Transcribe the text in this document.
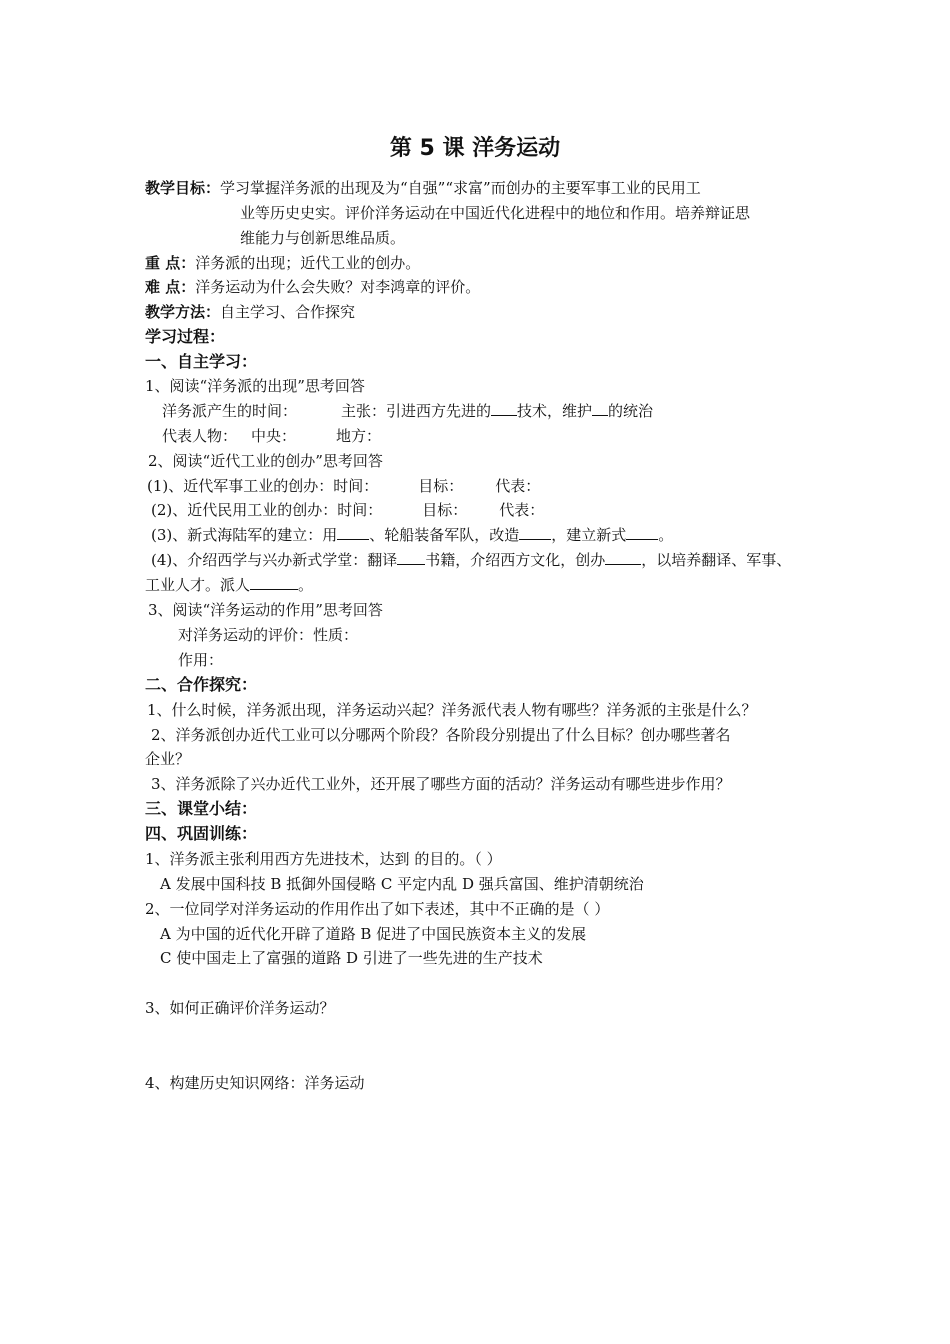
第 5 课 洋务运动
教学目标：学习掌握洋务派的出现及为“自强”“求富”而创办的主要军事工业的民用工
业等历史史实。评价洋务运动在中国近代化进程中的地位和作用。培养辩证思
维能力与创新思维品质。
重 点：洋务派的出现；近代工业的创办。
难 点：洋务运动为什么会失败？对李鸿章的评价。
教学方法：自主学习、合作探究
学习过程：
一、自主学习：
1、阅读“洋务派的出现”思考回答
洋务派产生的时间：	主张：引进西方先进的 技术，维护 的统治
代表人物： 中央：	地方：
2、阅读“近代工业的创办”思考回答
(1)、近代军事工业的创办：时间：	目标： 代表：
(2)、近代民用工业的创办：时间：	目标： 代表：
(3)、新式海陆军的建立：用 、轮船装备军队，改造 ，建立新式 。
(4)、介绍西学与兴办新式学堂：翻译 书籍，介绍西方文化，创办 ，以培养翻译、军事、
工业人才。派人	。
3、阅读“洋务运动的作用”思考回答
对洋务运动的评价：性质：
作用：
二、合作探究：
1、什么时候，洋务派出现，洋务运动兴起？洋务派代表人物有哪些？洋务派的主张是什么？
2、洋务派创办近代工业可以分哪两个阶段？各阶段分别提出了什么目标？创办哪些著名
企业？
3、洋务派除了兴办近代工业外，还开展了哪些方面的活动？洋务运动有哪些进步作用？
三、课堂小结：
四、巩固训练：
1、洋务派主张利用西方先进技术，达到 的目的。（ ）
A 发展中国科技 B 抵御外国侵略 C 平定内乱 D 强兵富国、维护清朝统治
2、一位同学对洋务运动的作用作出了如下表述，其中不正确的是（ ）
A 为中国的近代化开辟了道路 B 促进了中国民族资本主义的发展
C 使中国走上了富强的道路 D 引进了一些先进的生产技术
3、如何正确评价洋务运动？
4、构建历史知识网络：洋务运动
